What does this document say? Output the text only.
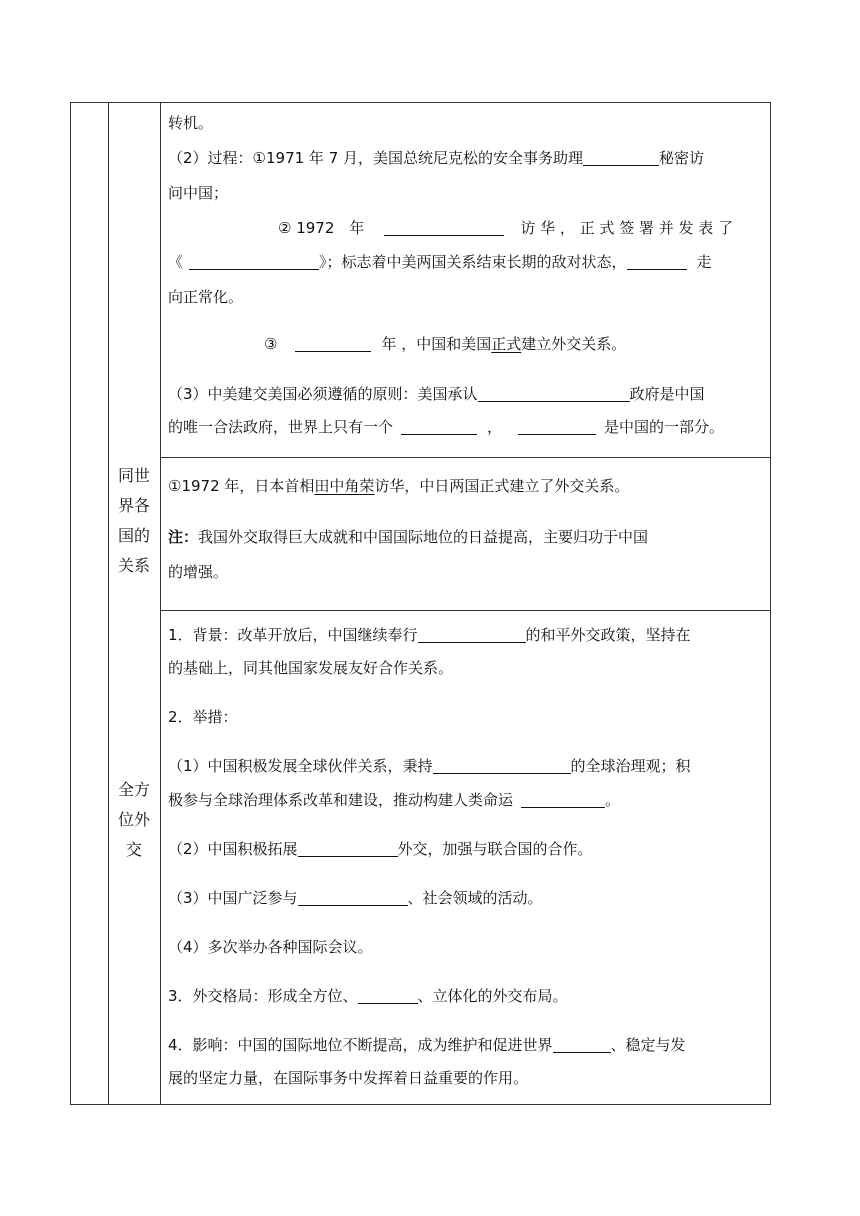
转机。
（2）过程：①1971 年 7 月，美国总统尼克松的安全事务助理	秘密访
问中国；
② 1972　年	访 华 ， 正 式 签 署 并 发 表 了
《	》；标志着中美两国关系结束长期的敌对状态，	走
向正常化。
③	年 ，中国和美国正式建立外交关系。
（3）中美建交美国必须遵循的原则：美国承认	政府是中国
的唯一合法政府，世界上只有一个	，	是中国的一部分。
同世
界各
国的
关系
①1972 年，日本首相田中角荣访华，中日两国正式建立了外交关系。
注：我国外交取得巨大成就和中国国际地位的日益提高，主要归功于中国
的增强。
全方
位外
交
1．背景：改革开放后，中国继续奉行	的和平外交政策，坚持在
的基础上，同其他国家发展友好合作关系。
2．举措：
（1）中国积极发展全球伙伴关系，秉持	的全球治理观；积
极参与全球治理体系改革和建设，推动构建人类命运	。
（2）中国积极拓展	外交，加强与联合国的合作。
（3）中国广泛参与	、社会领域的活动。
（4）多次举办各种国际会议。
3．外交格局：形成全方位、	、立体化的外交布局。
4．影响：中国的国际地位不断提高，成为维护和促进世界	、稳定与发
展的坚定力量，在国际事务中发挥着日益重要的作用。
